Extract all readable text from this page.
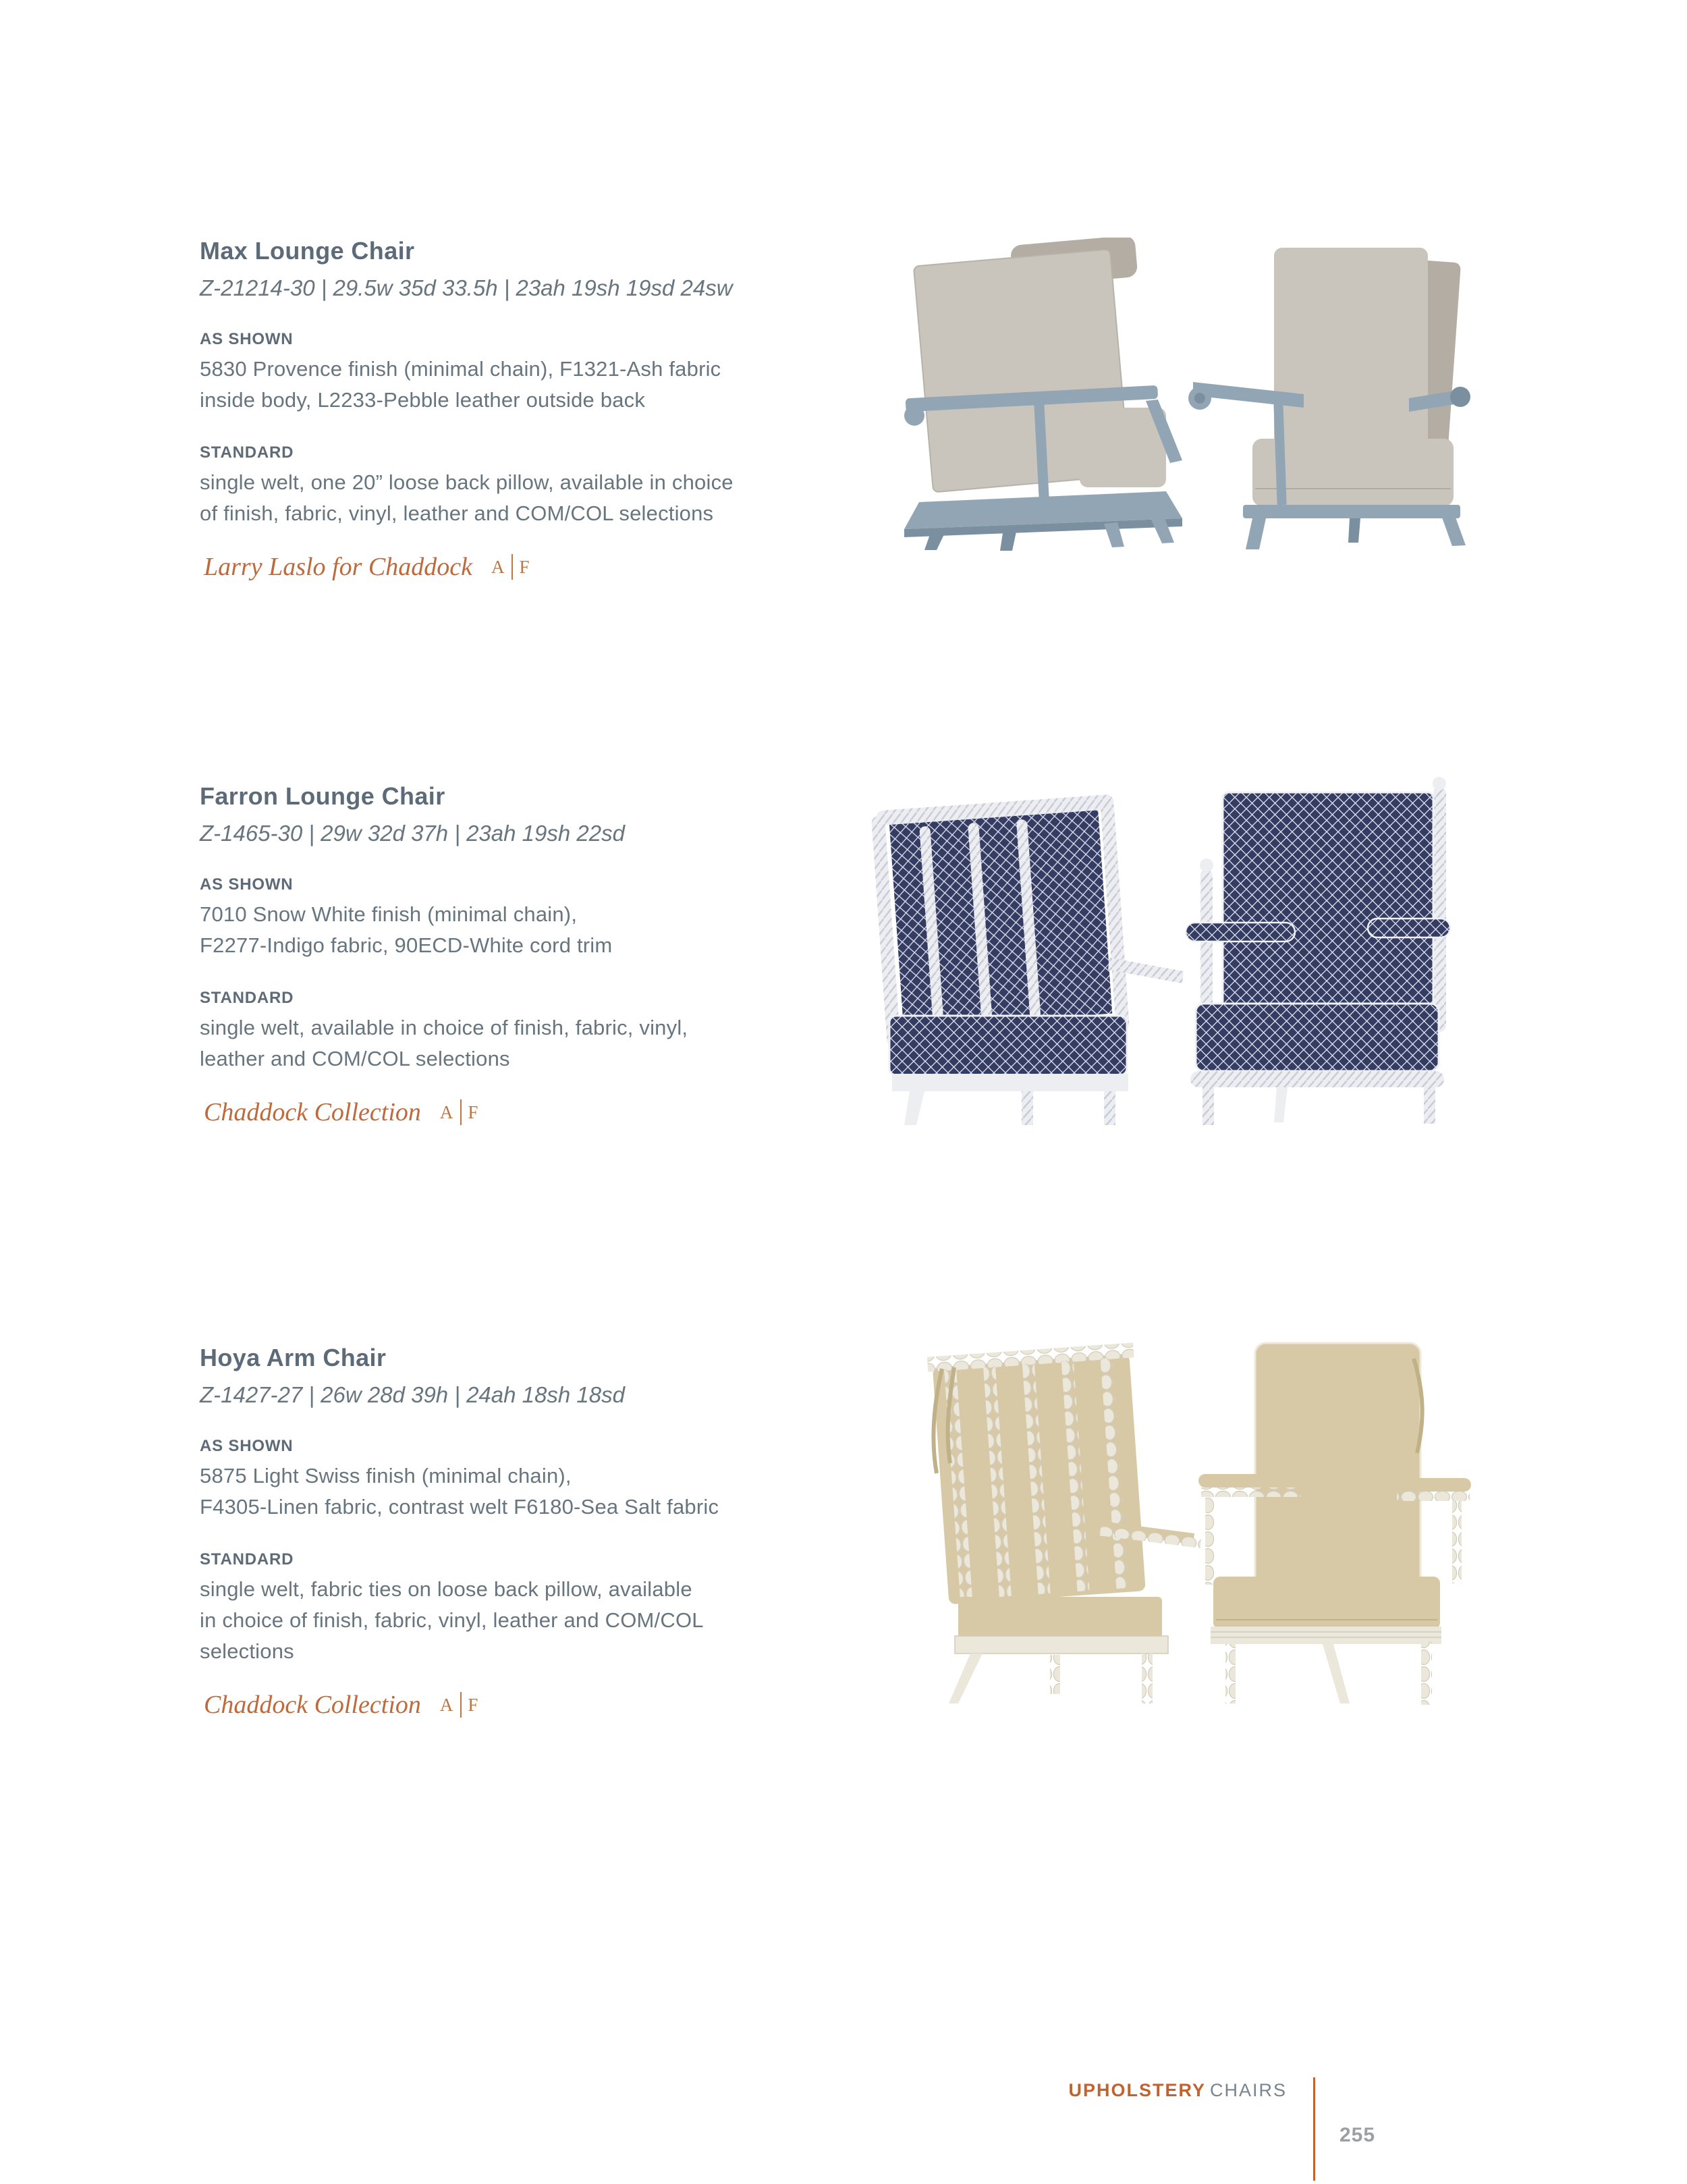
Max Lounge Chair

Z-21214-30 | 29.5w 35d 33.5h | 23ah 19sh 19sd 24sw

AS SHOWN

5830 Provence finish (minimal chain), F1321-Ash fabric
inside body, L2233-Pebble leather outside back

STANDARD

single welt, one 20” loose back pillow, available in choice
of finish, fabric, vinyl, leather and COM/COL selections

Larry Laslo for Chaddock A F

Farron Lounge Chair

Z-1465-30 | 29w 32d 37h | 23ah 19sh 22sd

AS SHOWN

7010 Snow White finish (minimal chain),
F2277-Indigo fabric, 90ECD-White cord trim

STANDARD

single welt, available in choice of finish, fabric, vinyl,
leather and COM/COL selections

Chaddock Collection A F

Hoya Arm Chair

Z-1427-27 | 26w 28d 39h | 24ah 18sh 18sd

AS SHOWN

5875 Light Swiss finish (minimal chain),
F4305-Linen fabric, contrast welt F6180-Sea Salt fabric

STANDARD

single welt, fabric ties on loose back pillow, available
in choice of finish, fabric, vinyl, leather and COM/COL
selections

Chaddock Collection A F

UPHOLSTERY CHAIRS
255
